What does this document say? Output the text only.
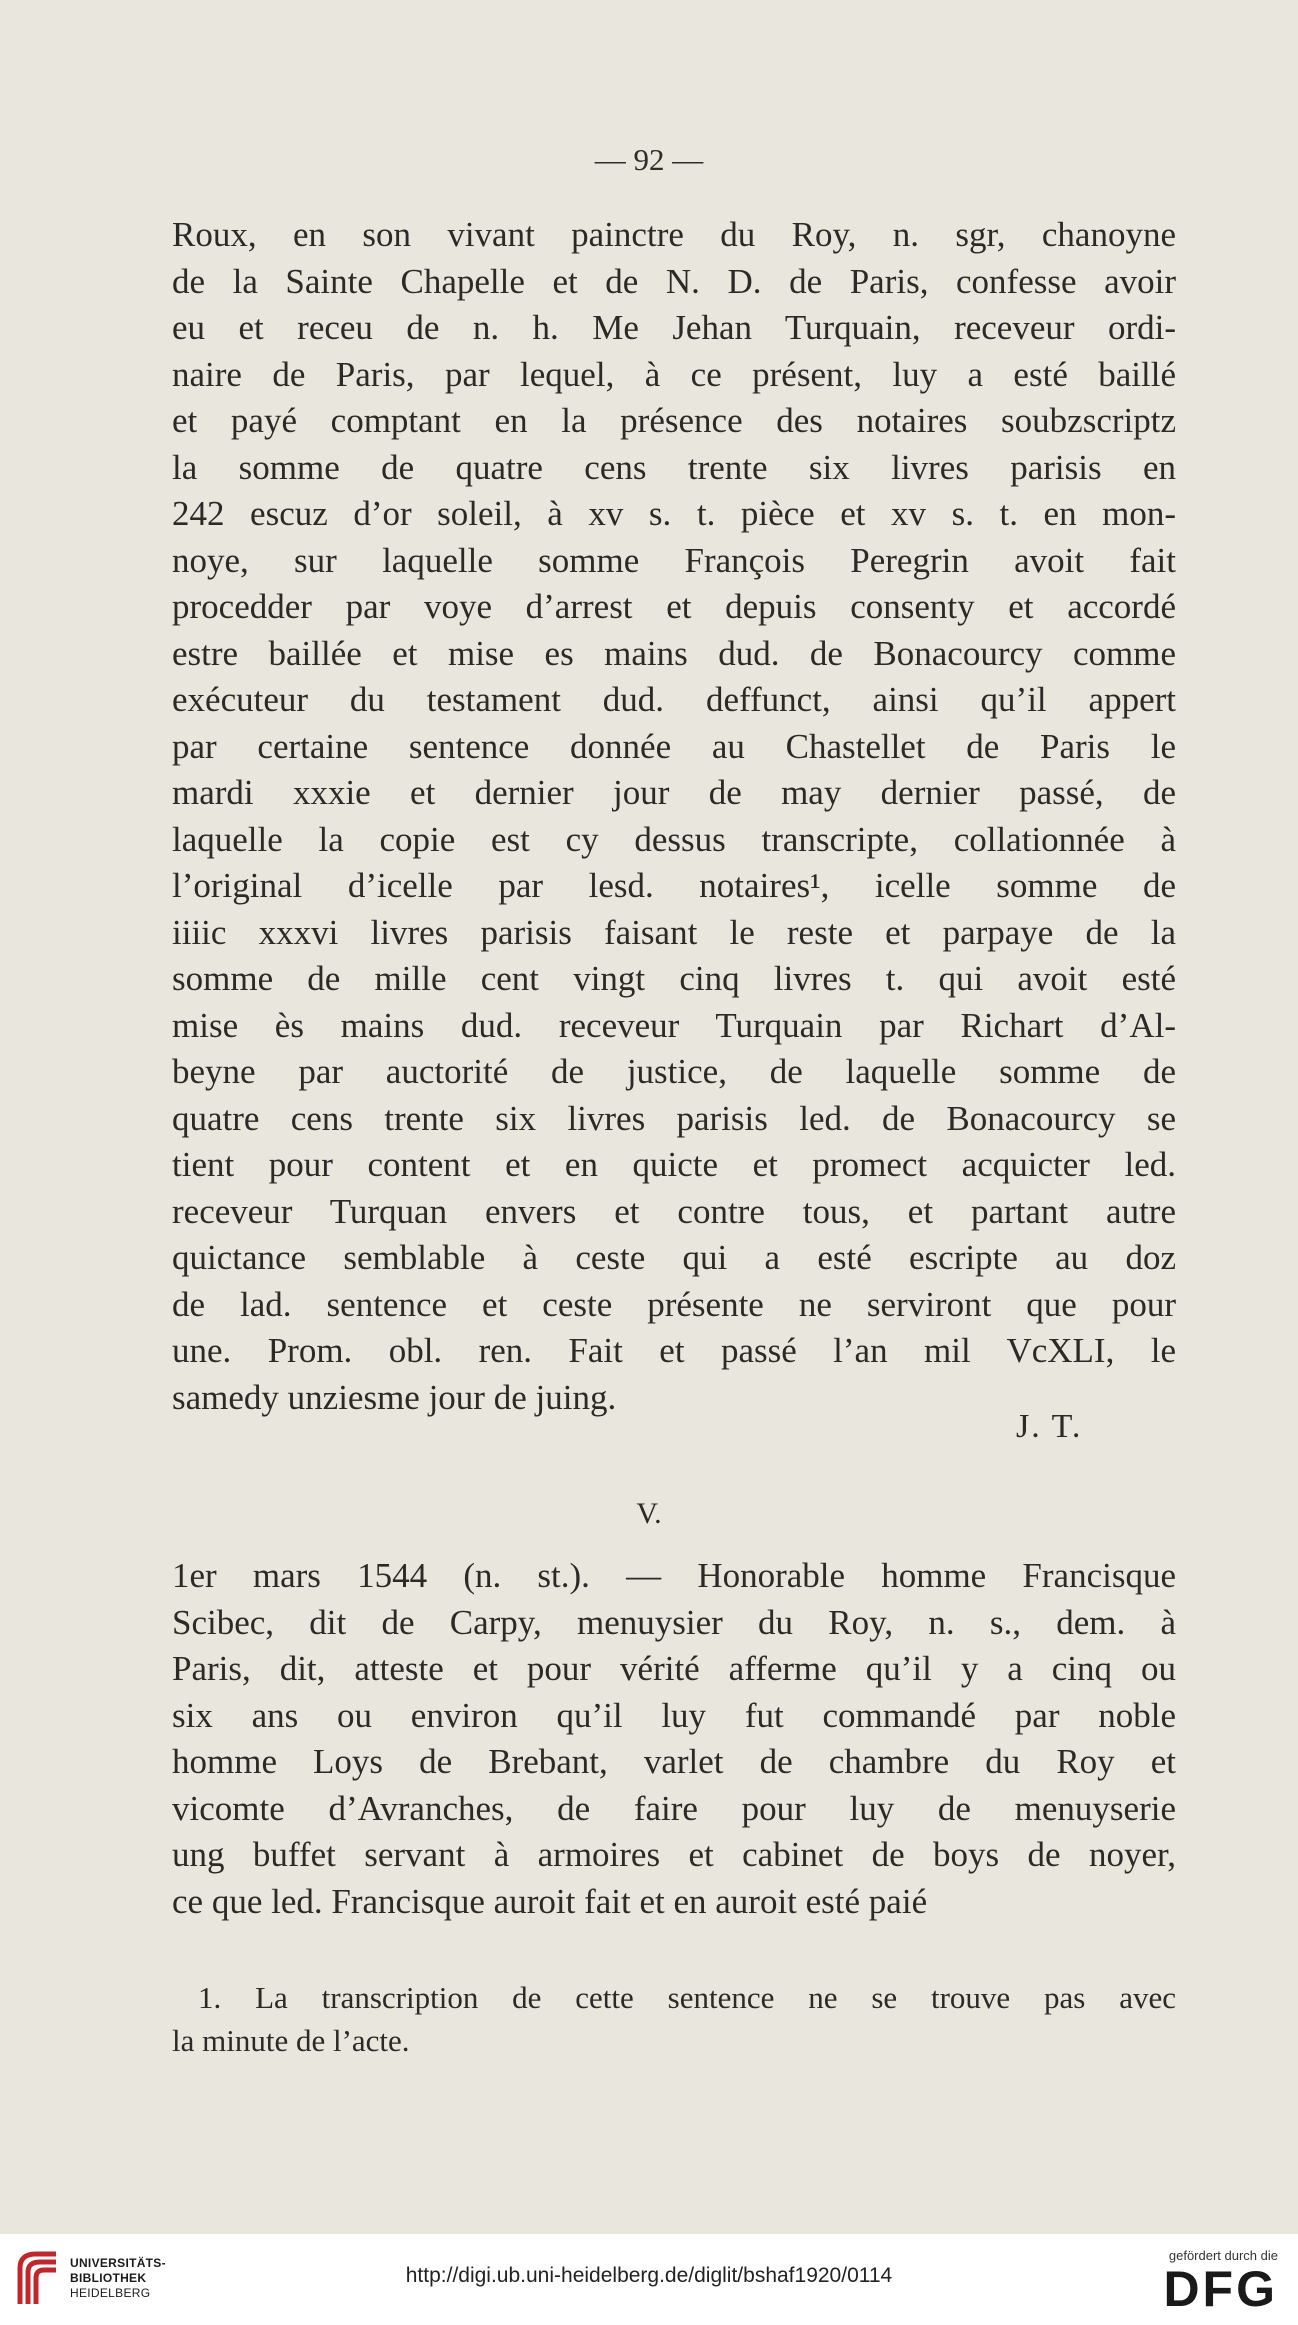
— 92 —
Roux, en son vivant painctre du Roy, n. sgr, chanoyne
de la Sainte Chapelle et de N. D. de Paris, confesse avoir
eu et receu de n. h. Me Jehan Turquain, receveur ordi-
naire de Paris, par lequel, à ce présent, luy a esté baillé
et payé comptant en la présence des notaires soubzscriptz
la somme de quatre cens trente six livres parisis en
242 escuz d’or soleil, à xv s. t. pièce et xv s. t. en mon-
noye, sur laquelle somme François Peregrin avoit fait
procedder par voye d’arrest et depuis consenty et accordé
estre baillée et mise es mains dud. de Bonacourcy comme
exécuteur du testament dud. deffunct, ainsi qu’il appert
par certaine sentence donnée au Chastellet de Paris le
mardi xxxie et dernier jour de may dernier passé, de
laquelle la copie est cy dessus transcripte, collationnée à
l’original d’icelle par lesd. notaires¹, icelle somme de
iiiic xxxvi livres parisis faisant le reste et parpaye de la
somme de mille cent vingt cinq livres t. qui avoit esté
mise ès mains dud. receveur Turquain par Richart d’Al-
beyne par auctorité de justice, de laquelle somme de
quatre cens trente six livres parisis led. de Bonacourcy se
tient pour content et en quicte et promect acquicter led.
receveur Turquan envers et contre tous, et partant autre
quictance semblable à ceste qui a esté escripte au doz
de lad. sentence et ceste présente ne serviront que pour
une. Prom. obl. ren. Fait et passé l’an mil VcXLI, le
samedy unziesme jour de juing.
J. T.
V.
1er mars 1544 (n. st.). — Honorable homme Francisque
Scibec, dit de Carpy, menuysier du Roy, n. s., dem. à
Paris, dit, atteste et pour vérité afferme qu’il y a cinq ou
six ans ou environ qu’il luy fut commandé par noble
homme Loys de Brebant, varlet de chambre du Roy et
vicomte d’Avranches, de faire pour luy de menuyserie
ung buffet servant à armoires et cabinet de boys de noyer,
ce que led. Francisque auroit fait et en auroit esté paié
1. La transcription de cette sentence ne se trouve pas avec
la minute de l’acte.
UNIVERSITÄTS-
BIBLIOTHEK
HEIDELBERG
http://digi.ub.uni-heidelberg.de/diglit/bshaf1920/0114
gefördert durch die
DFG
